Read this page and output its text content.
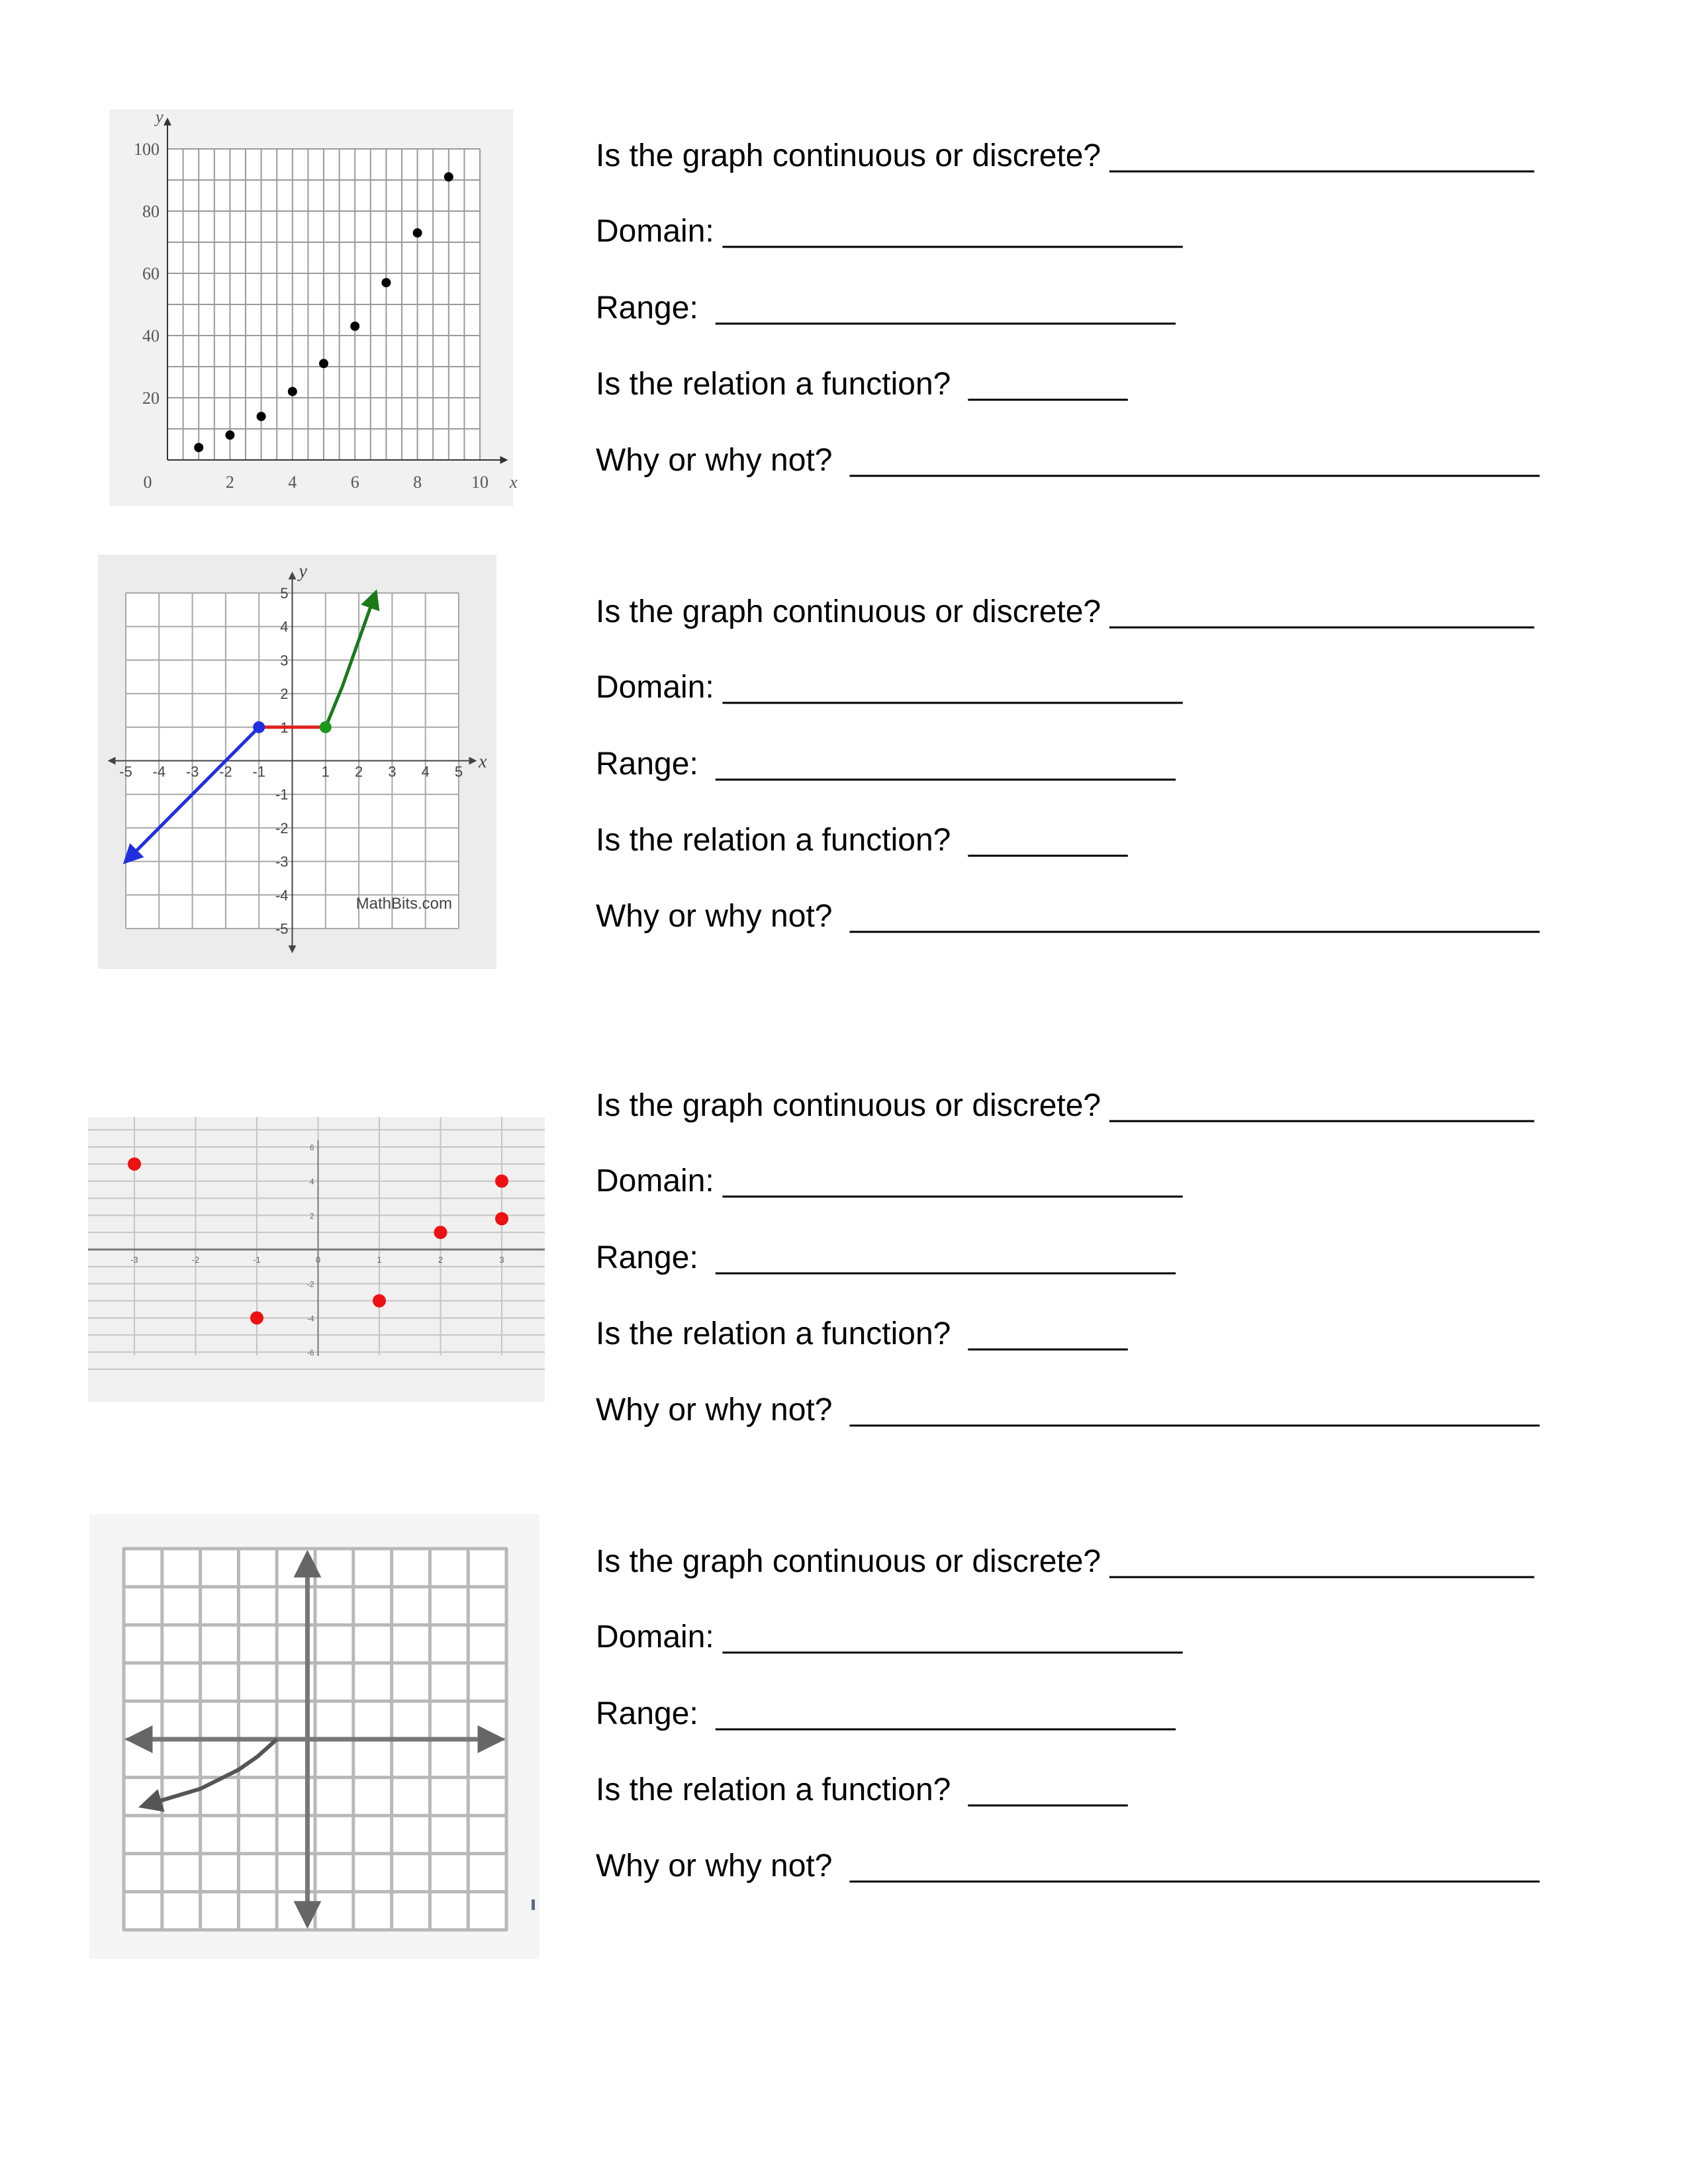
0	2	4	6	8	10
20
40
60
80
100
y
x
-5 -4 -3 -2 -1	1 2 3 4 5
5
4
3
2
1
-1
-2
-3
-4
-5
x
y
MathBits.com
-3	-2	-1	0	1	2	3
6
4
2
-2
-4
-6
Is the graph continuous or discrete? ________________________
Domain: __________________________
Range:  __________________________
Is the relation a function?  _________
Why or why not?  _______________________________________
Is the graph continuous or discrete? ________________________
Domain: __________________________
Range:  __________________________
Is the relation a function?  _________
Why or why not?  _______________________________________
Is the graph continuous or discrete? ________________________
Domain: __________________________
Range:  __________________________
Is the relation a function?  _________
Why or why not?  _______________________________________
Is the graph continuous or discrete? ________________________
Domain: __________________________
Range:  __________________________
Is the relation a function?  _________
Why or why not?  _______________________________________
